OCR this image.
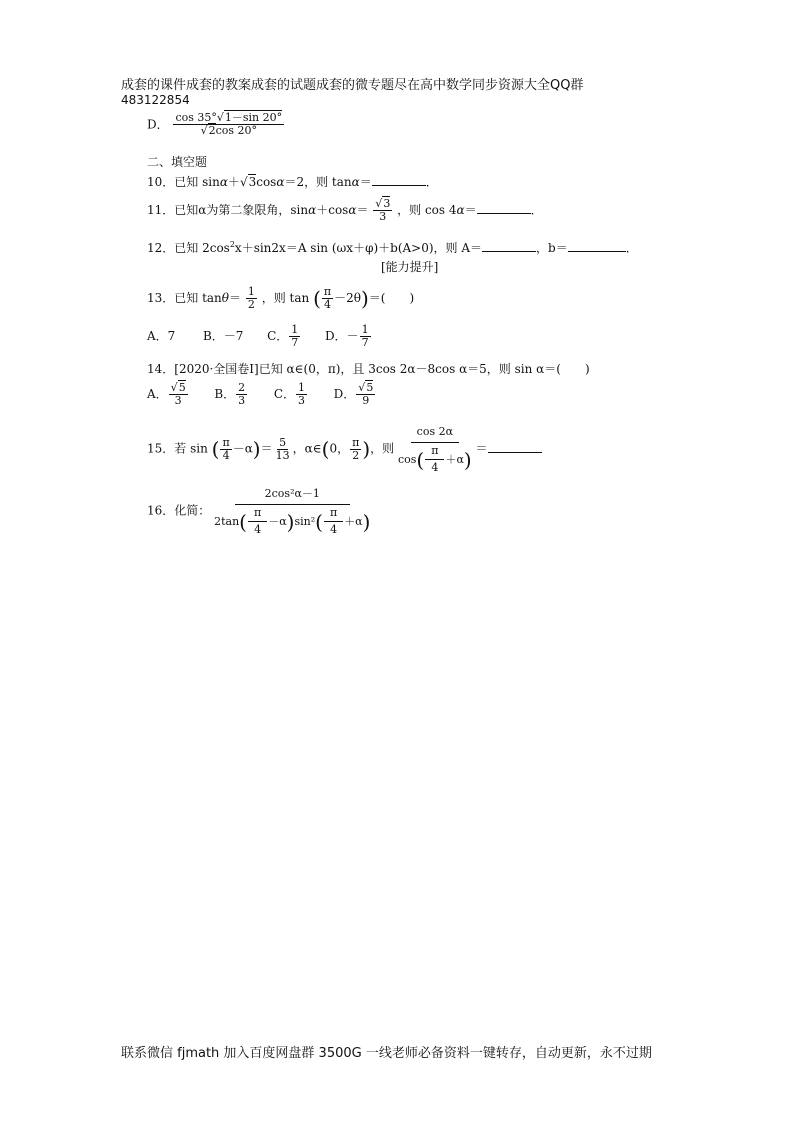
成套的课件成套的教案成套的试题成套的微专题尽在高中数学同步资源大全QQ群
483122854
D． $\frac{\cos 35^\circ√1-\sin 20^\circ}{√2\cos 20^\circ}$
二、填空题
10．已知 sinα＋√3cosα＝2，则 tanα＝	．
11．已知α为第二象限角，$\sin\alpha+\cos\alpha= \frac{√3}{3}$ ，则 cos 4α＝	．
12．已知 $2\cos^2x+\sin 2x=A$ sin (ωx＋φ)＋b(A>0)，则 A＝	，b＝	．
[能力提升]
13．已知 $\tan\theta= \frac{1}{2}$ ，则 tan ( $\frac{\pi}{4} -2\theta)=$(　　)
A．7 B．－7 C． $\frac{1}{7}$ D．－ $\frac{1}{7}$
14．[2020·全国卷Ⅰ]已知 α∈(0，π)，且 3cos 2α－8cos α＝5，则 sin α＝(　　)
A． $\frac{√5}{3}$ B． $\frac{2}{3}$ C． $\frac{1}{3}$ D． $\frac{√5}{9}$
15．若 sin ( $\frac{\pi}{4} -\alpha)= \frac{5}{13}$ ，α∈(0， $\frac{\pi}{2}$ )，则 $\frac{\cos 2\alpha}{\cos ( \frac{\pi}{4} +\alpha )}$ ＝
16．化简： $\frac{\text{2cos²α－1}}{2\tan ( \frac{\pi}{4} -\alpha ) \sin^2 ( \frac{\pi}{4} +\alpha )}$
联系微信 fjmath 加入百度网盘群 3500G 一线老师必备资料一键转存，自动更新，永不过期
